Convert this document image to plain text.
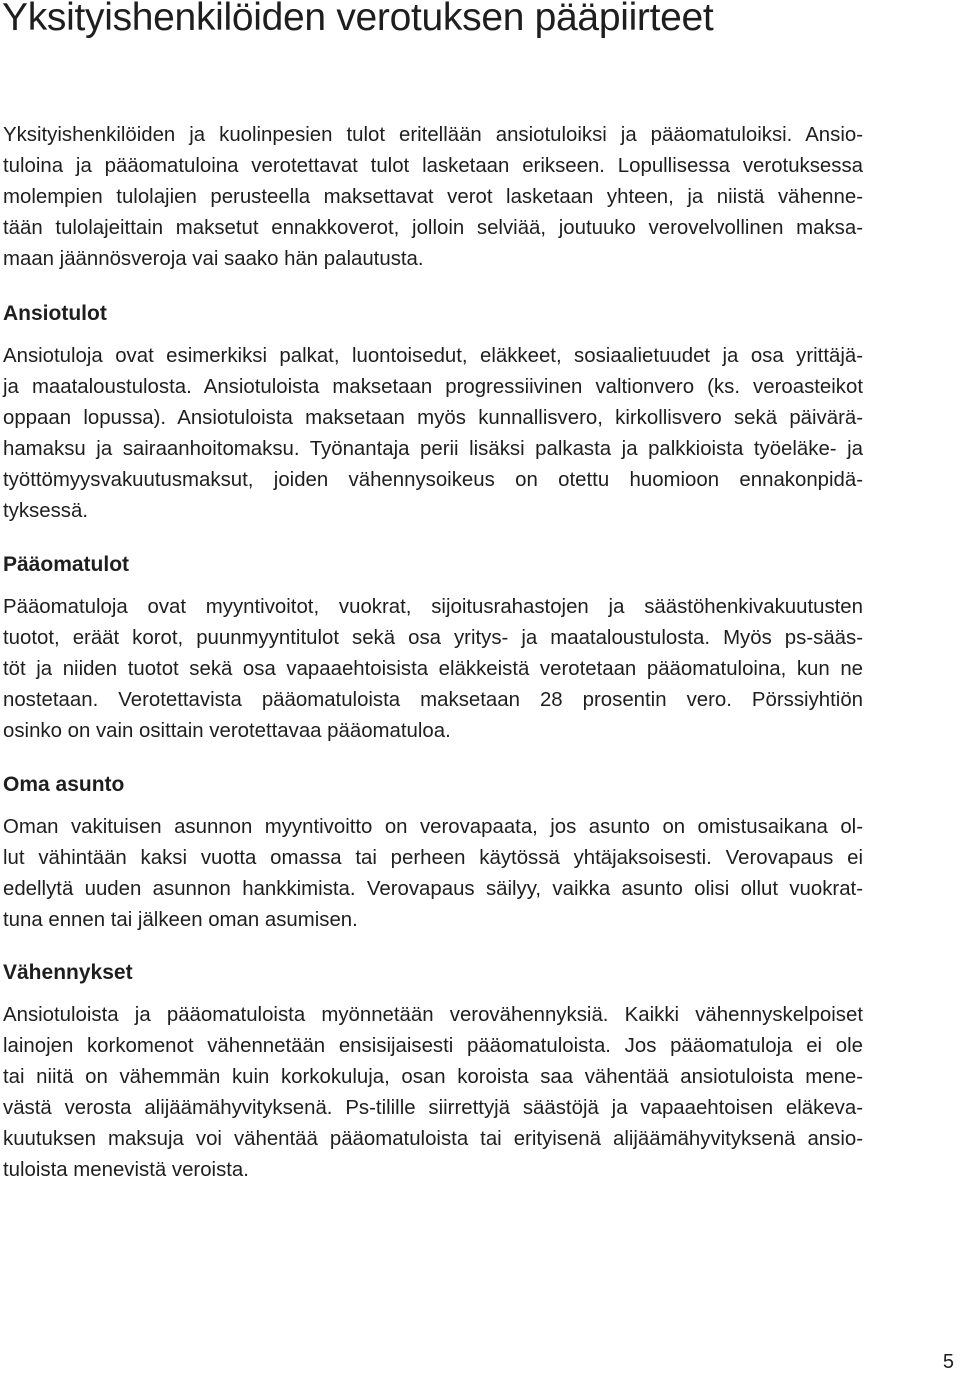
Yksityishenkilöiden verotuksen pääpiirteet

Yksityishenkilöiden ja kuolinpesien tulot eritellään ansiotuloiksi ja pääomatuloiksi. Ansio-
tuloina ja pääomatuloina verotettavat tulot lasketaan erikseen. Lopullisessa verotuksessa
molempien tulolajien perusteella maksettavat verot lasketaan yhteen, ja niistä vähenne-
tään tulolajeittain maksetut ennakkoverot, jolloin selviää, joutuuko verovelvollinen maksa-
maan jäännösveroja vai saako hän palautusta.

Ansiotulot

Ansiotuloja ovat esimerkiksi palkat, luontoisedut, eläkkeet, sosiaalietuudet ja osa yrittäjä-
ja maataloustulosta. Ansiotuloista maksetaan progressiivinen valtionvero (ks. veroasteikot
oppaan lopussa). Ansiotuloista maksetaan myös kunnallisvero, kirkollisvero sekä päivärä-
hamaksu ja sairaanhoitomaksu. Työnantaja perii lisäksi palkasta ja palkkioista työeläke- ja
työttömyysvakuutusmaksut, joiden vähennysoikeus on otettu huomioon ennakonpidä-
tyksessä.

Pääomatulot

Pääomatuloja ovat myyntivoitot, vuokrat, sijoitusrahastojen ja säästöhenkivakuutusten
tuotot, eräät korot, puunmyyntitulot sekä osa yritys- ja maataloustulosta. Myös ps-sääs-
töt ja niiden tuotot sekä osa vapaaehtoisista eläkkeistä verotetaan pääomatuloina, kun ne
nostetaan. Verotettavista pääomatuloista maksetaan 28 prosentin vero. Pörssiyhtiön
osinko on vain osittain verotettavaa pääomatuloa.

Oma asunto

Oman vakituisen asunnon myyntivoitto on verovapaata, jos asunto on omistusaikana ol-
lut vähintään kaksi vuotta omassa tai perheen käytössä yhtäjaksoisesti. Verovapaus ei
edellytä uuden asunnon hankkimista. Verovapaus säilyy, vaikka asunto olisi ollut vuokrat-
tuna ennen tai jälkeen oman asumisen.

Vähennykset

Ansiotuloista ja pääomatuloista myönnetään verovähennyksiä. Kaikki vähennyskelpoiset
lainojen korkomenot vähennetään ensisijaisesti pääomatuloista. Jos pääomatuloja ei ole
tai niitä on vähemmän kuin korkokuluja, osan koroista saa vähentää ansiotuloista mene-
västä verosta alijäämähyvityksenä. Ps-tilille siirrettyjä säästöjä ja vapaaehtoisen eläkeva-
kuutuksen maksuja voi vähentää pääomatuloista tai erityisenä alijäämähyvityksenä ansio-
tuloista menevistä veroista.

5
